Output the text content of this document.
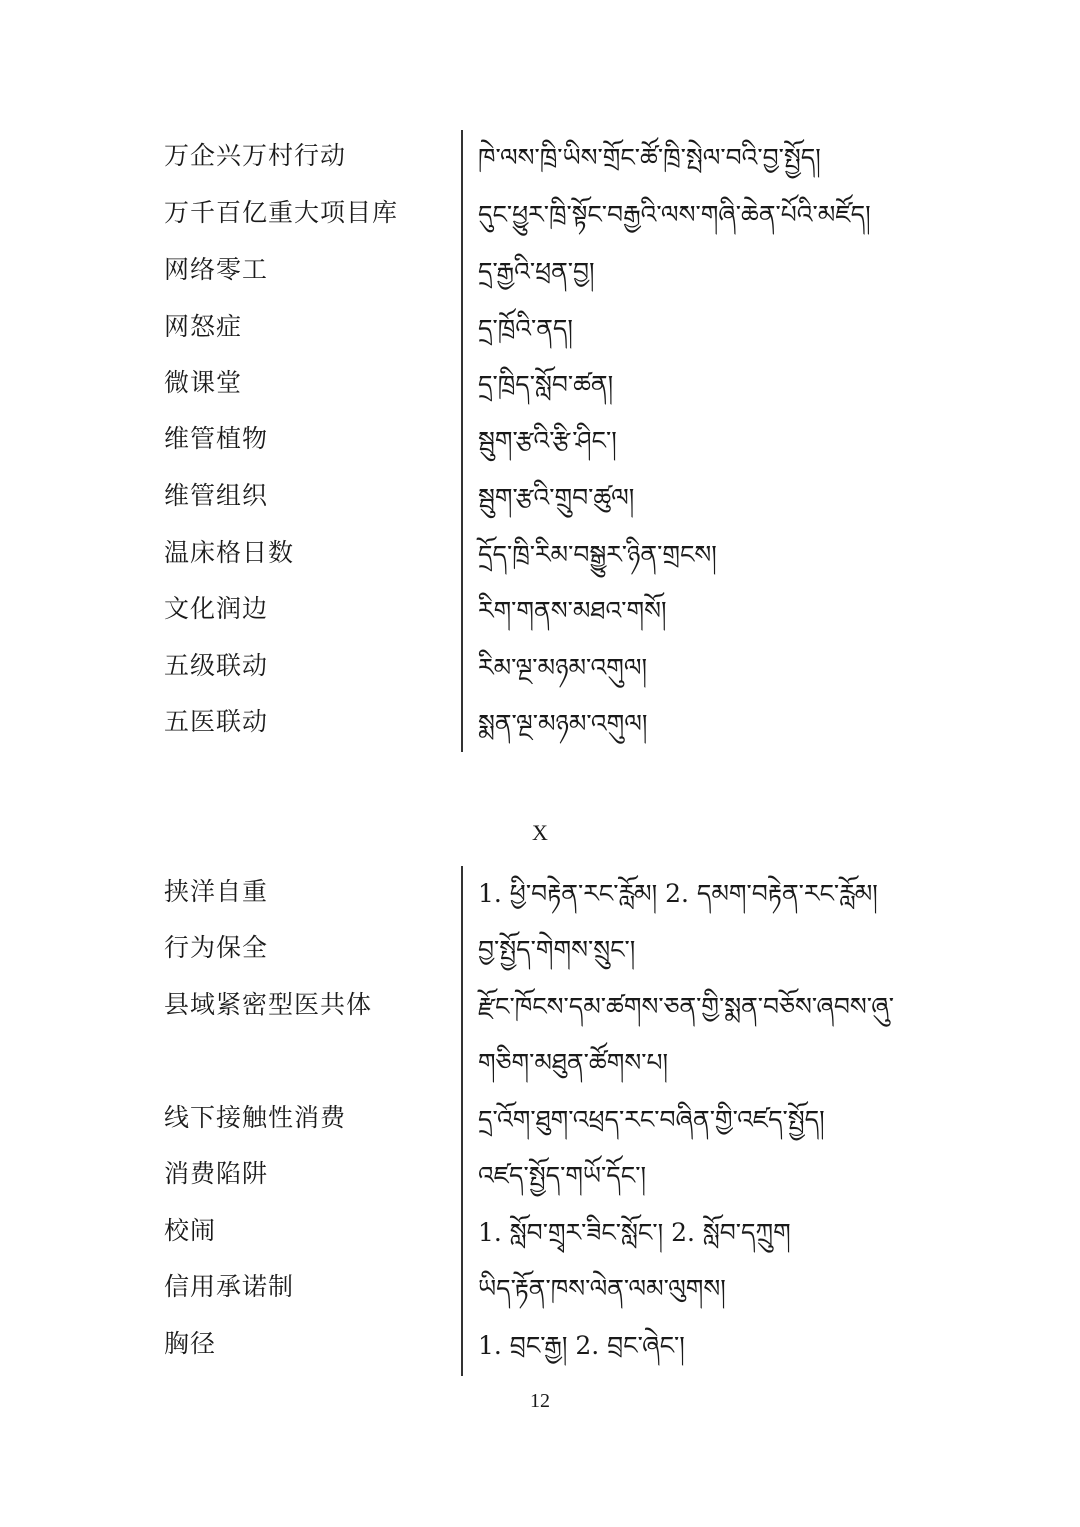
万企兴万村行动	ཁེ་ལས་ཁྲི་ཡིས་གྲོང་ཚོ་ཁྲི་སྤེལ་བའི་བྱ་སྤྱོད།
万千百亿重大项目库	དུང་ཕྱུར་ཁྲི་སྟོང་བརྒྱའི་ལས་གཞི་ཆེན་པོའི་མཛོད།
网络零工	དྲ་རྒྱའི་ཕྲན་བྱ།
网怒症	དྲ་ཁྲོའི་ནད།
微课堂	དྲ་ཁྲིད་སློབ་ཚན།
维管植物	སྦུག་རྩའི་རྩི་ཤིང་།
维管组织	སྦུག་རྩའི་གྲུབ་ཚུལ།
温床格日数	དྲོད་ཁྲི་རིམ་བསྒྱུར་ཉིན་གྲངས།
文化润边	རིག་གནས་མཐའ་གསོ།
五级联动	རིམ་ལྔ་མཉམ་འགུལ།
五医联动	སྨན་ལྔ་མཉམ་འགུལ།
X
挟洋自重	1. ཕྱི་བརྟེན་རང་རློམ། 2. དམག་བརྟེན་རང་རློམ།
行为保全	བྱ་སྤྱོད་གེགས་སྲུང་།
县域紧密型医共体	རྫོང་ཁོངས་དམ་ཚགས་ཅན་གྱི་སྨན་བཅོས་ཞབས་ཞུ་
གཅིག་མཐུན་ཚོགས་པ།
线下接触性消费	དྲ་འོག་ཐུག་འཕྲད་རང་བཞིན་གྱི་འཛད་སྤྱོད།
消费陷阱	འཛད་སྤྱོད་གཡོ་དོང་།
校闹	1. སློབ་གྲྭར་ཟིང་སློང་། 2. སློབ་དཀྲུག
信用承诺制	ཡིད་རྟོན་ཁས་ལེན་ལམ་ལུགས།
胸径	1. བྲང་རྒྱ། 2. བྲང་ཞེང་།
12
